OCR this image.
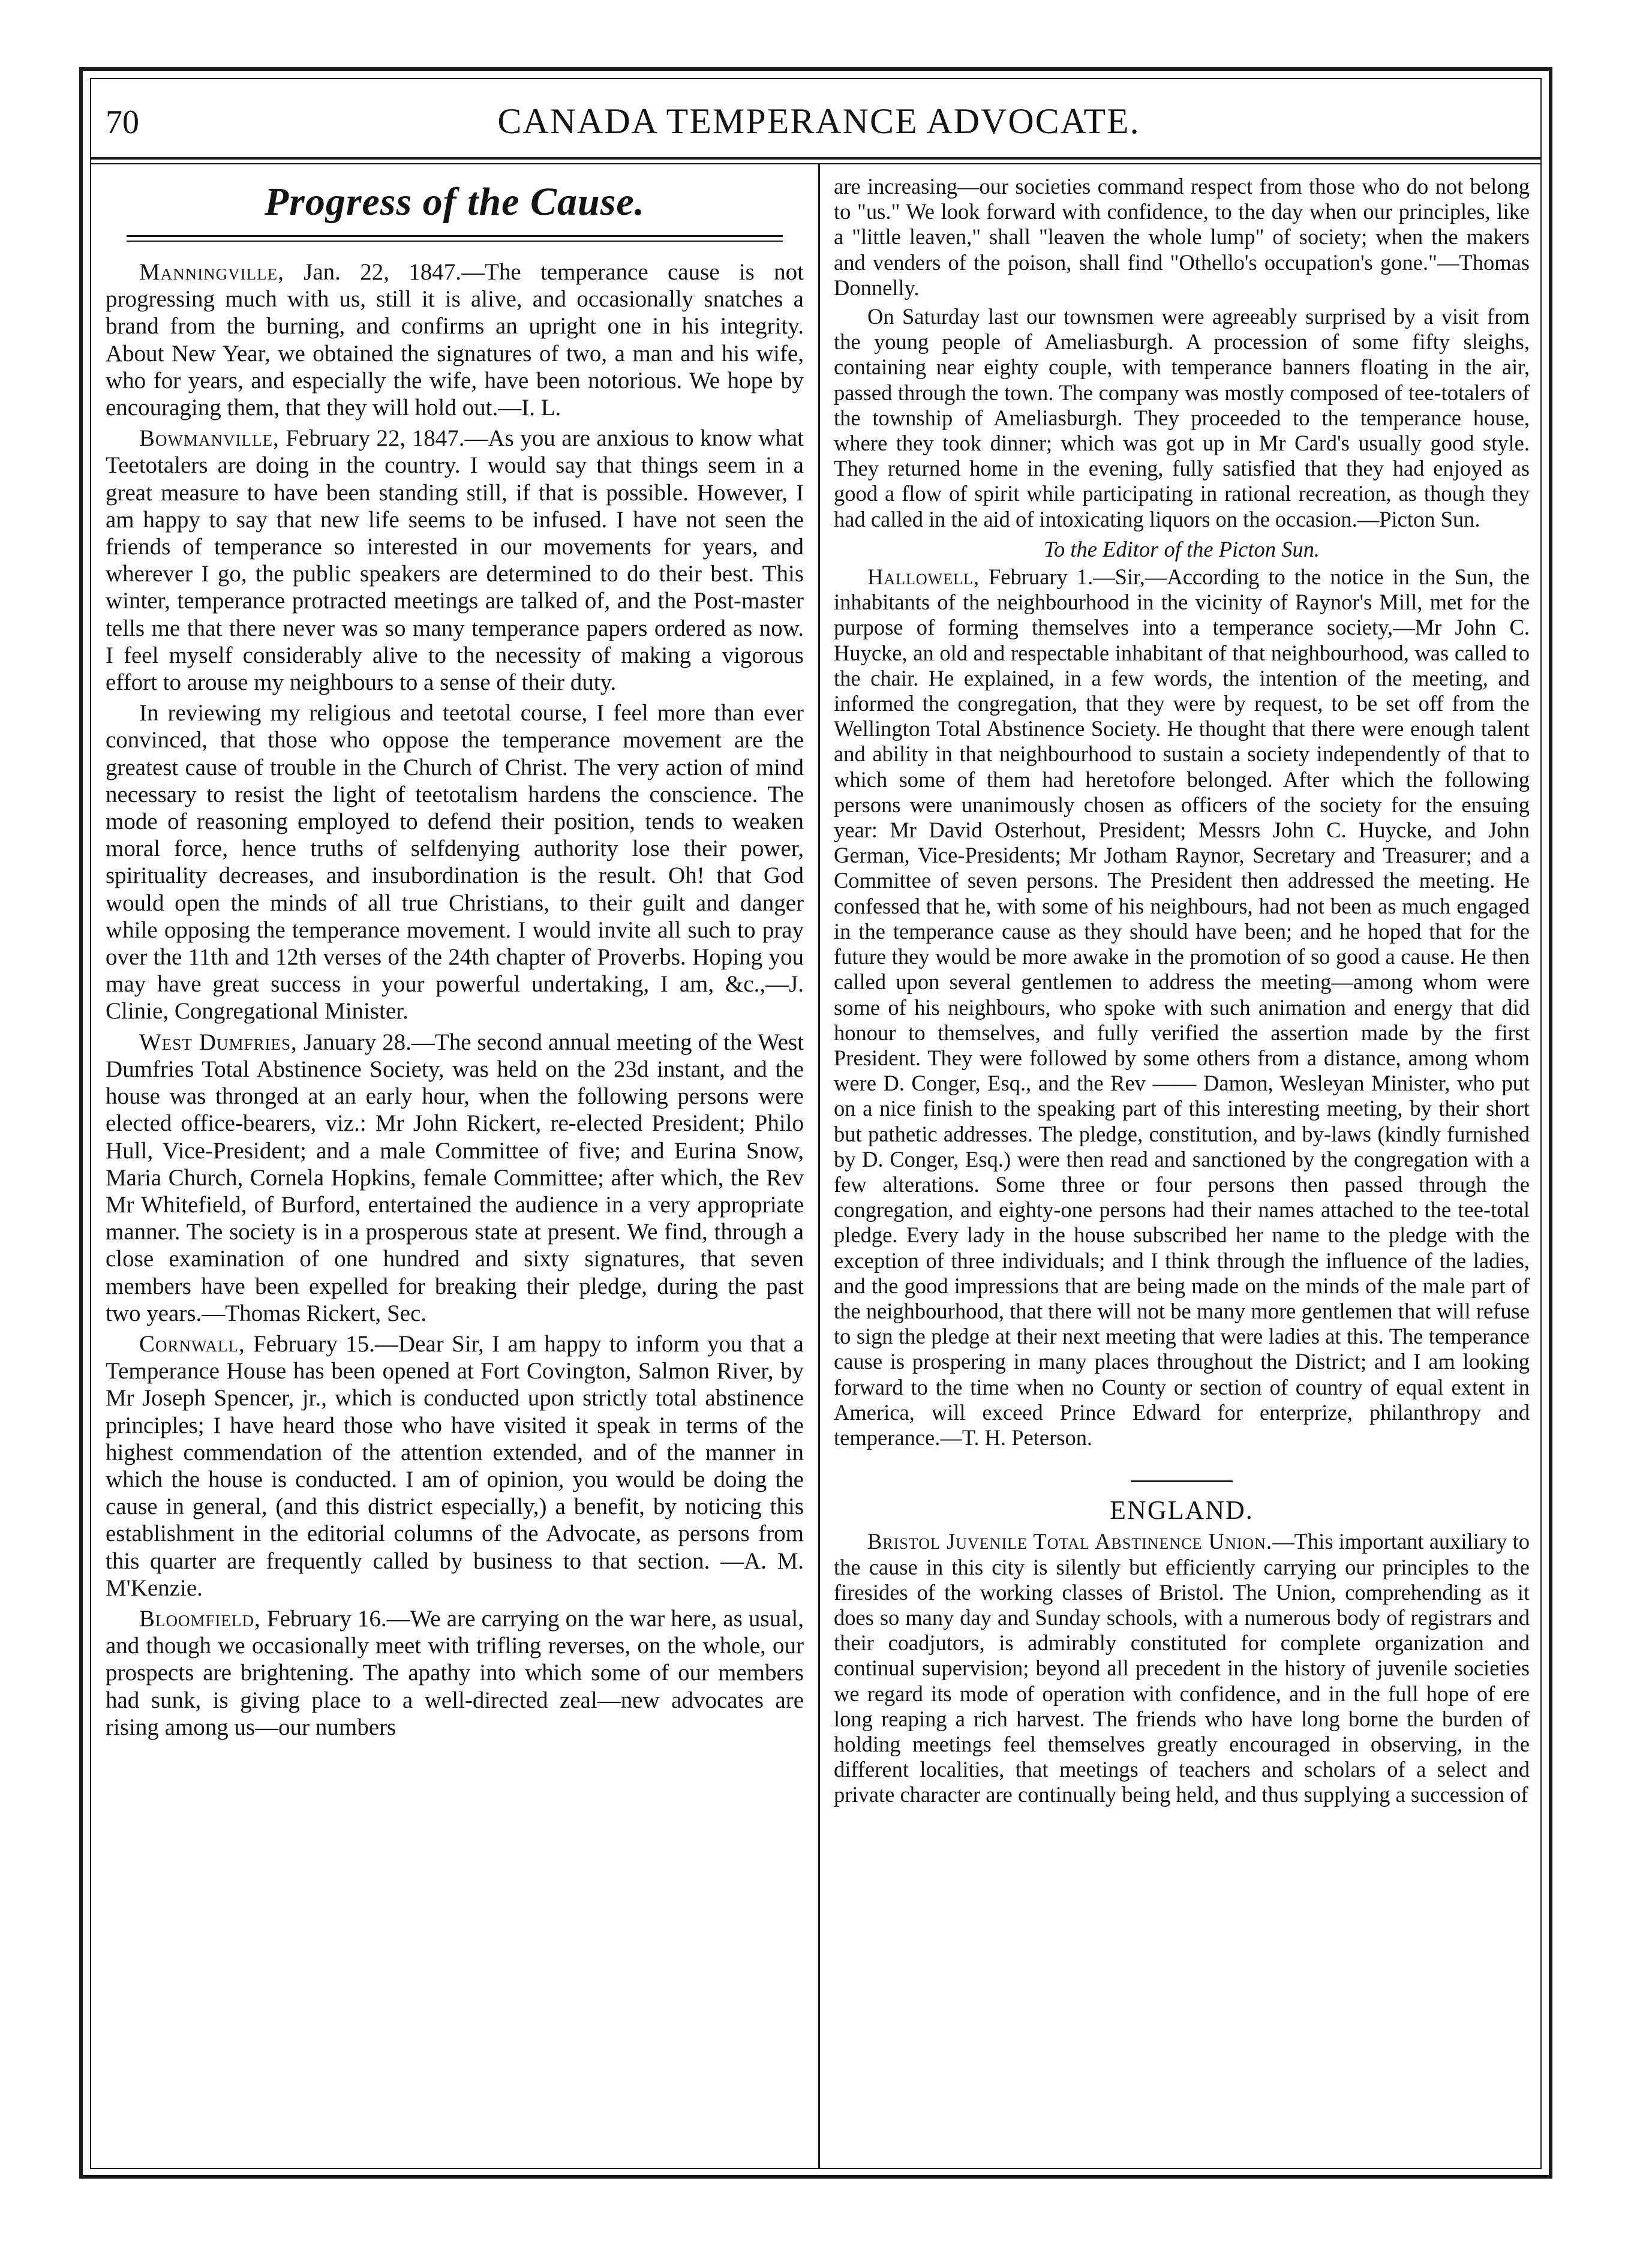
70	CANADA TEMPERANCE ADVOCATE.
Progress of the Cause.

Manningville, Jan. 22, 1847.—The temperance cause is not progressing much with us, still it is alive, and occasionally snatches a brand from the burning, and confirms an upright one in his integrity. About New Year, we obtained the signatures of two, a man and his wife, who for years, and especially the wife, have been notorious. We hope by encouraging them, that they will hold out.—I. L.

Bowmanville, February 22, 1847.—As you are anxious to know what Teetotalers are doing in the country. I would say that things seem in a great measure to have been standing still, if that is possible. However, I am happy to say that new life seems to be infused. I have not seen the friends of temperance so interested in our movements for years, and wherever I go, the public speakers are determined to do their best. This winter, temperance protracted meetings are talked of, and the Post-master tells me that there never was so many temperance papers ordered as now. I feel myself considerably alive to the necessity of making a vigorous effort to arouse my neighbours to a sense of their duty.

In reviewing my religious and teetotal course, I feel more than ever convinced, that those who oppose the temperance movement are the greatest cause of trouble in the Church of Christ. The very action of mind necessary to resist the light of teetotalism hardens the conscience. The mode of reasoning employed to defend their position, tends to weaken moral force, hence truths of selfdenying authority lose their power, spirituality decreases, and insubordination is the result. Oh! that God would open the minds of all true Christians, to their guilt and danger while opposing the temperance movement. I would invite all such to pray over the 11th and 12th verses of the 24th chapter of Proverbs. Hoping you may have great success in your powerful undertaking, I am, &c.,—J. Clinie, Congregational Minister.

West Dumfries, January 28.—The second annual meeting of the West Dumfries Total Abstinence Society, was held on the 23d instant, and the house was thronged at an early hour, when the following persons were elected office-bearers, viz.: Mr John Rickert, re-elected President; Philo Hull, Vice-President; and a male Committee of five; and Eurina Snow, Maria Church, Cornela Hopkins, female Committee; after which, the Rev Mr Whitefield, of Burford, entertained the audience in a very appropriate manner. The society is in a prosperous state at present. We find, through a close examination of one hundred and sixty signatures, that seven members have been expelled for breaking their pledge, during the past two years.—Thomas Rickert, Sec.

Cornwall, February 15.—Dear Sir, I am happy to inform you that a Temperance House has been opened at Fort Covington, Salmon River, by Mr Joseph Spencer, jr., which is conducted upon strictly total abstinence principles; I have heard those who have visited it speak in terms of the highest commendation of the attention extended, and of the manner in which the house is conducted. I am of opinion, you would be doing the cause in general, (and this district especially,) a benefit, by noticing this establishment in the editorial columns of the Advocate, as persons from this quarter are frequently called by business to that section. —A. M. M'Kenzie.

Bloomfield, February 16.—We are carrying on the war here, as usual, and though we occasionally meet with trifling reverses, on the whole, our prospects are brightening. The apathy into which some of our members had sunk, is giving place to a well-directed zeal—new advocates are rising among us—our numbers

are increasing—our societies command respect from those who do not belong to "us." We look forward with confidence, to the day when our principles, like a "little leaven," shall "leaven the whole lump" of society; when the makers and venders of the poison, shall find "Othello's occupation's gone."—Thomas Donnelly.

On Saturday last our townsmen were agreeably surprised by a visit from the young people of Ameliasburgh. A procession of some fifty sleighs, containing near eighty couple, with temperance banners floating in the air, passed through the town. The company was mostly composed of tee-totalers of the township of Ameliasburgh. They proceeded to the temperance house, where they took dinner; which was got up in Mr Card's usually good style. They returned home in the evening, fully satisfied that they had enjoyed as good a flow of spirit while participating in rational recreation, as though they had called in the aid of intoxicating liquors on the occasion.—Picton Sun.

To the Editor of the Picton Sun.

Hallowell, February 1.—Sir,—According to the notice in the Sun, the inhabitants of the neighbourhood in the vicinity of Raynor's Mill, met for the purpose of forming themselves into a temperance society,—Mr John C. Huycke, an old and respectable inhabitant of that neighbourhood, was called to the chair. He explained, in a few words, the intention of the meeting, and informed the congregation, that they were by request, to be set off from the Wellington Total Abstinence Society. He thought that there were enough talent and ability in that neighbourhood to sustain a society independently of that to which some of them had heretofore belonged. After which the following persons were unanimously chosen as officers of the society for the ensuing year: Mr David Osterhout, President; Messrs John C. Huycke, and John German, Vice-Presidents; Mr Jotham Raynor, Secretary and Treasurer; and a Committee of seven persons. The President then addressed the meeting. He confessed that he, with some of his neighbours, had not been as much engaged in the temperance cause as they should have been; and he hoped that for the future they would be more awake in the promotion of so good a cause. He then called upon several gentlemen to address the meeting—among whom were some of his neighbours, who spoke with such animation and energy that did honour to themselves, and fully verified the assertion made by the first President. They were followed by some others from a distance, among whom were D. Conger, Esq., and the Rev —— Damon, Wesleyan Minister, who put on a nice finish to the speaking part of this interesting meeting, by their short but pathetic addresses. The pledge, constitution, and by-laws (kindly furnished by D. Conger, Esq.) were then read and sanctioned by the congregation with a few alterations. Some three or four persons then passed through the congregation, and eighty-one persons had their names attached to the tee-total pledge. Every lady in the house subscribed her name to the pledge with the exception of three individuals; and I think through the influence of the ladies, and the good impressions that are being made on the minds of the male part of the neighbourhood, that there will not be many more gentlemen that will refuse to sign the pledge at their next meeting that were ladies at this. The temperance cause is prospering in many places throughout the District; and I am looking forward to the time when no County or section of country of equal extent in America, will exceed Prince Edward for enterprize, philanthropy and temperance.—T. H. Peterson.

ENGLAND.

Bristol Juvenile Total Abstinence Union.—This important auxiliary to the cause in this city is silently but efficiently carrying our principles to the firesides of the working classes of Bristol. The Union, comprehending as it does so many day and Sunday schools, with a numerous body of registrars and their coadjutors, is admirably constituted for complete organization and continual supervision; beyond all precedent in the history of juvenile societies we regard its mode of operation with confidence, and in the full hope of ere long reaping a rich harvest. The friends who have long borne the burden of holding meetings feel themselves greatly encouraged in observing, in the different localities, that meetings of teachers and scholars of a select and private character are continually being held, and thus supplying a succession of
